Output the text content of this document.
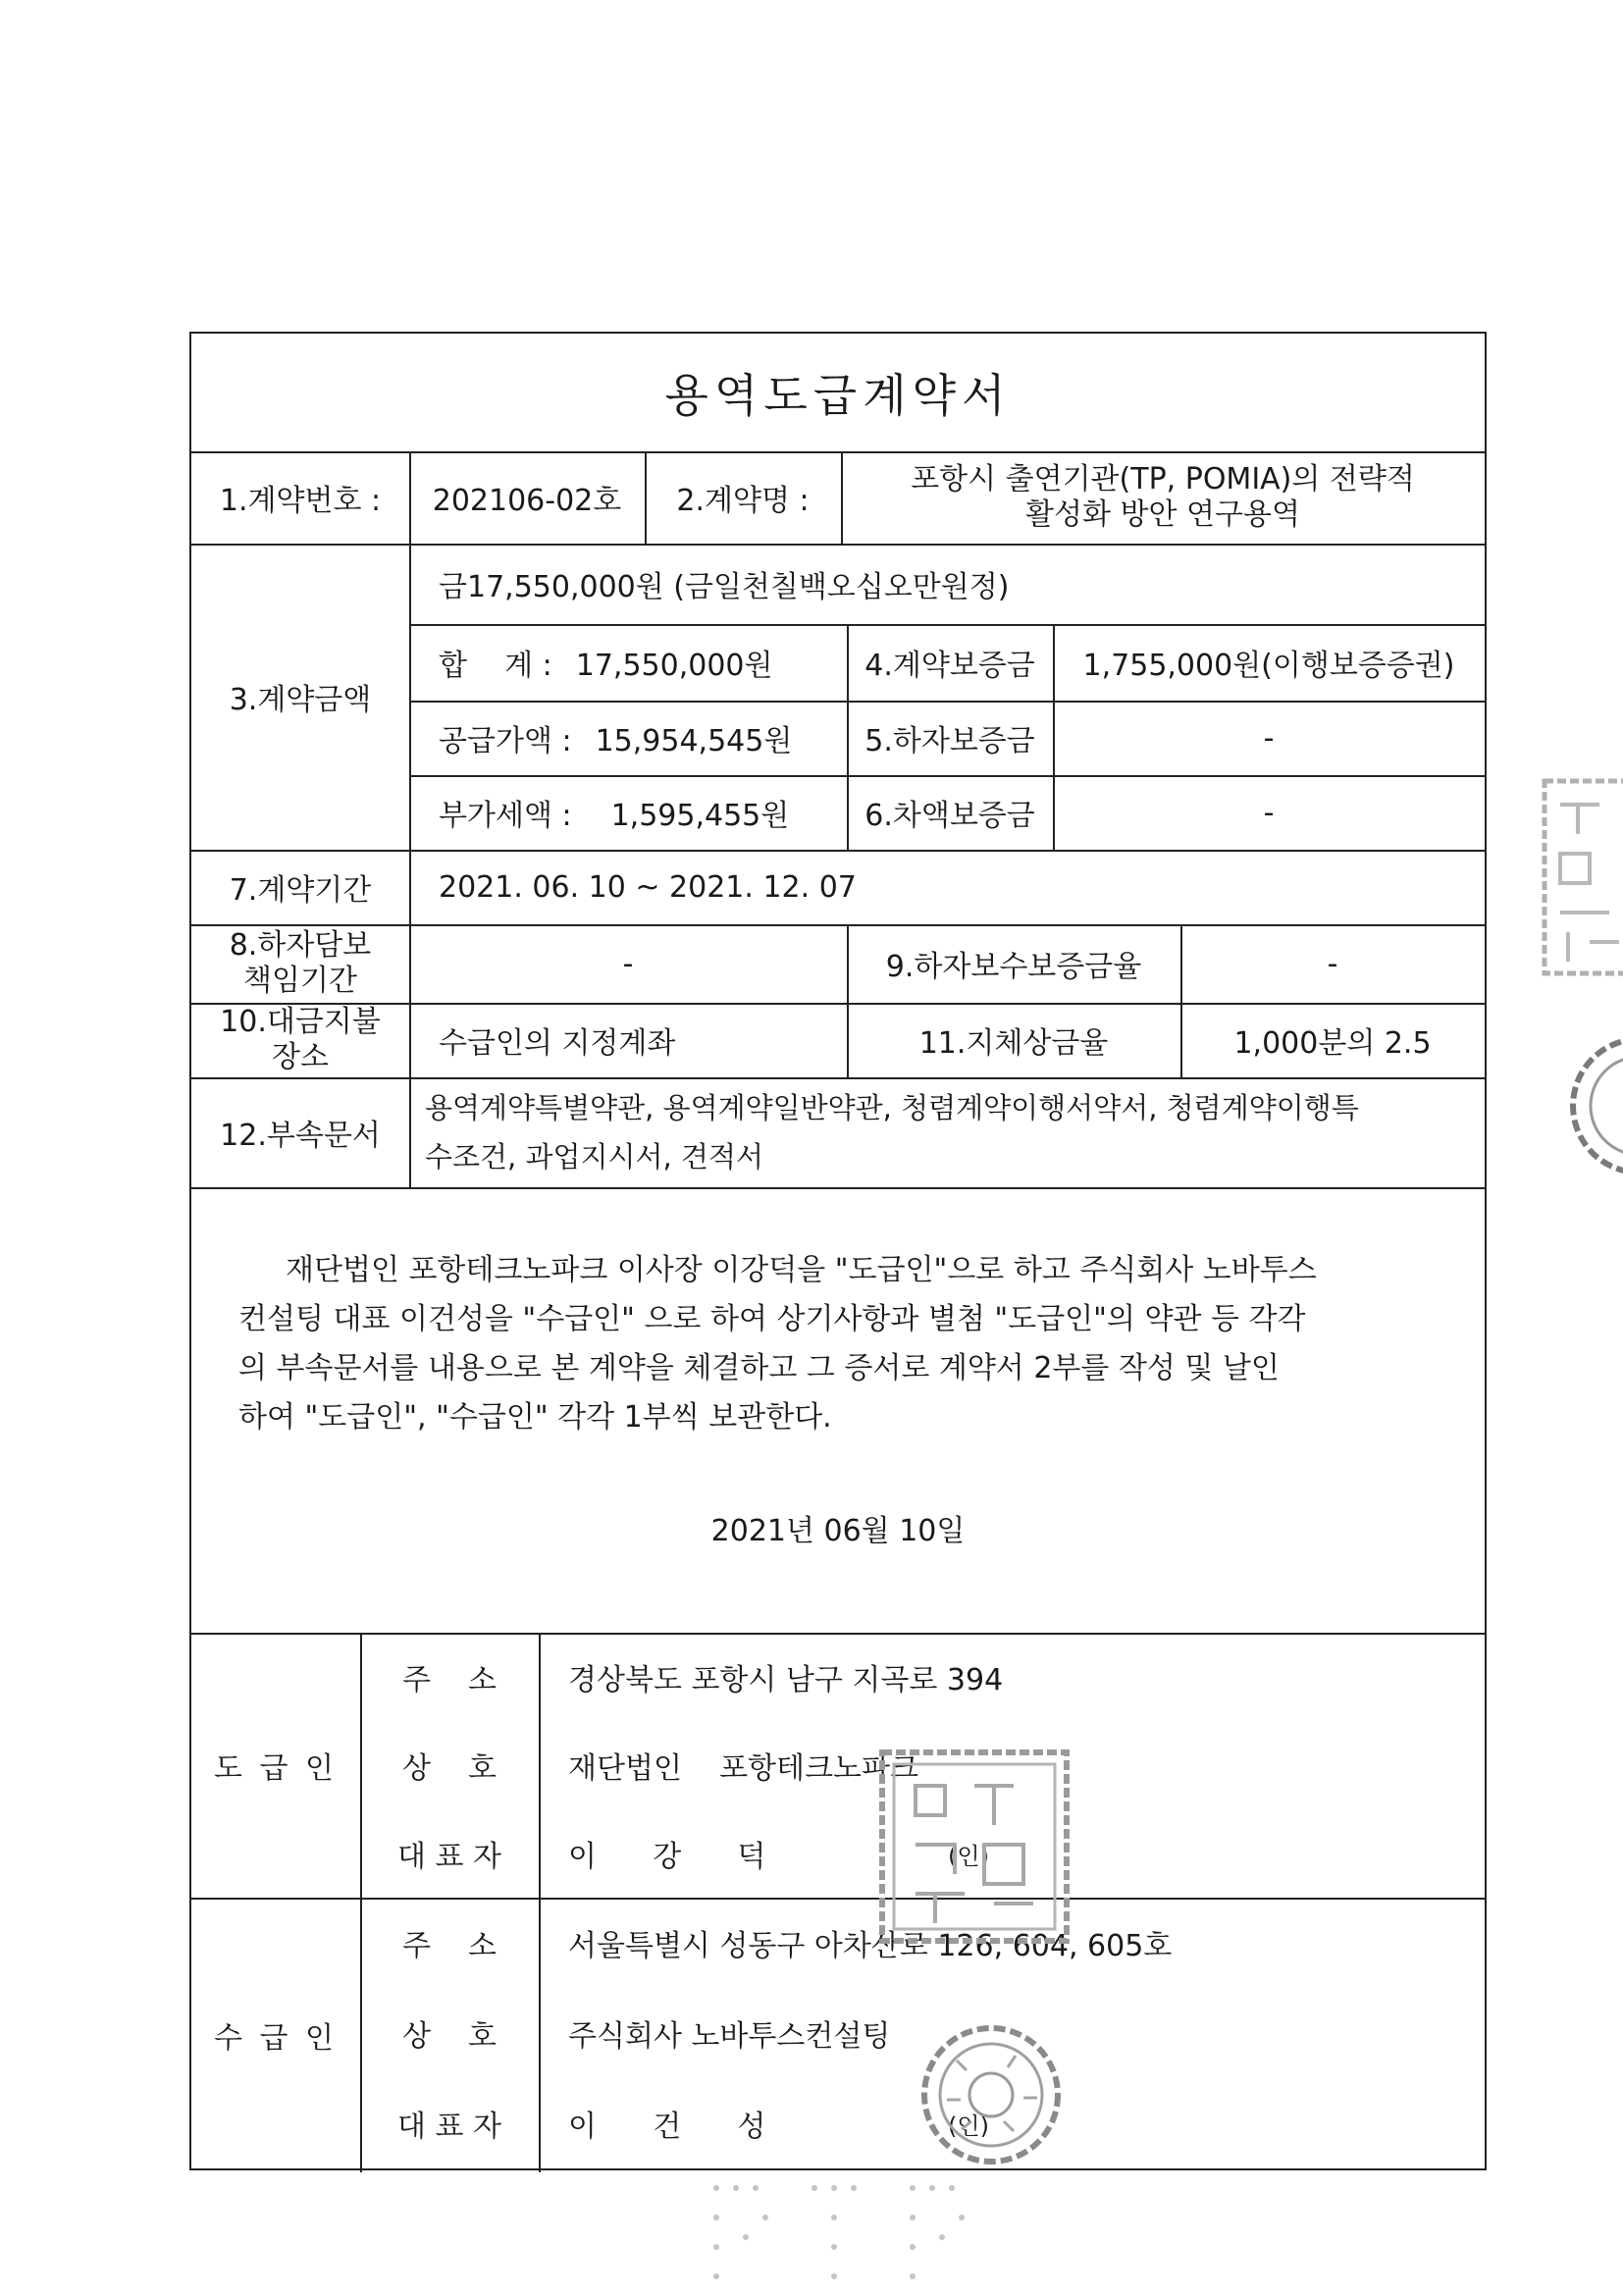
용역도급계약서
1.계약번호 :	202106-02호	2.계약명 :
포항시 출연기관(TP, POMIA)의 전략적
활성화 방안 연구용역
3.계약금액
금17,550,000원 (금일천칠백오십오만원정)
합    계 : 17,550,000원	4.계약보증금	1,755,000원(이행보증증권)
공급가액 : 15,954,545원	5.하자보증금	-
부가세액 : 1,595,455원	6.차액보증금	-
7.계약기간	2021. 06. 10 ~ 2021. 12. 07
8.하자담보
책임기간	-	9.하자보수보증금율	-
10.대금지불
장소	수급인의 지정계좌	11.지체상금율	1,000분의 2.5
12.부속문서
용역계약특별약관, 용역계약일반약관, 청렴계약이행서약서, 청렴계약이행특
수조건, 과업지시서, 견적서
재단법인 포항테크노파크 이사장 이강덕을 "도급인"으로 하고 주식회사 노바투스
컨설팅 대표 이건성을 "수급인" 으로 하여 상기사항과 별첨 "도급인"의 약관 등 각각
의 부속문서를 내용으로 본 계약을 체결하고 그 증서로 계약서 2부를 작성 및 날인
하여 "도급인", "수급인" 각각 1부씩 보관한다.
2021년 06월 10일
도 급 인
주    소	경상북도 포항시 남구 지곡로 394
상    호	재단법인    포항테크노파크
대 표 자	이      강      덕	(인)
수 급 인
주    소	서울특별시 성동구 아차산로 126, 604, 605호
상    호	주식회사 노바투스컨설팅
대 표 자	이      건      성	(인)
